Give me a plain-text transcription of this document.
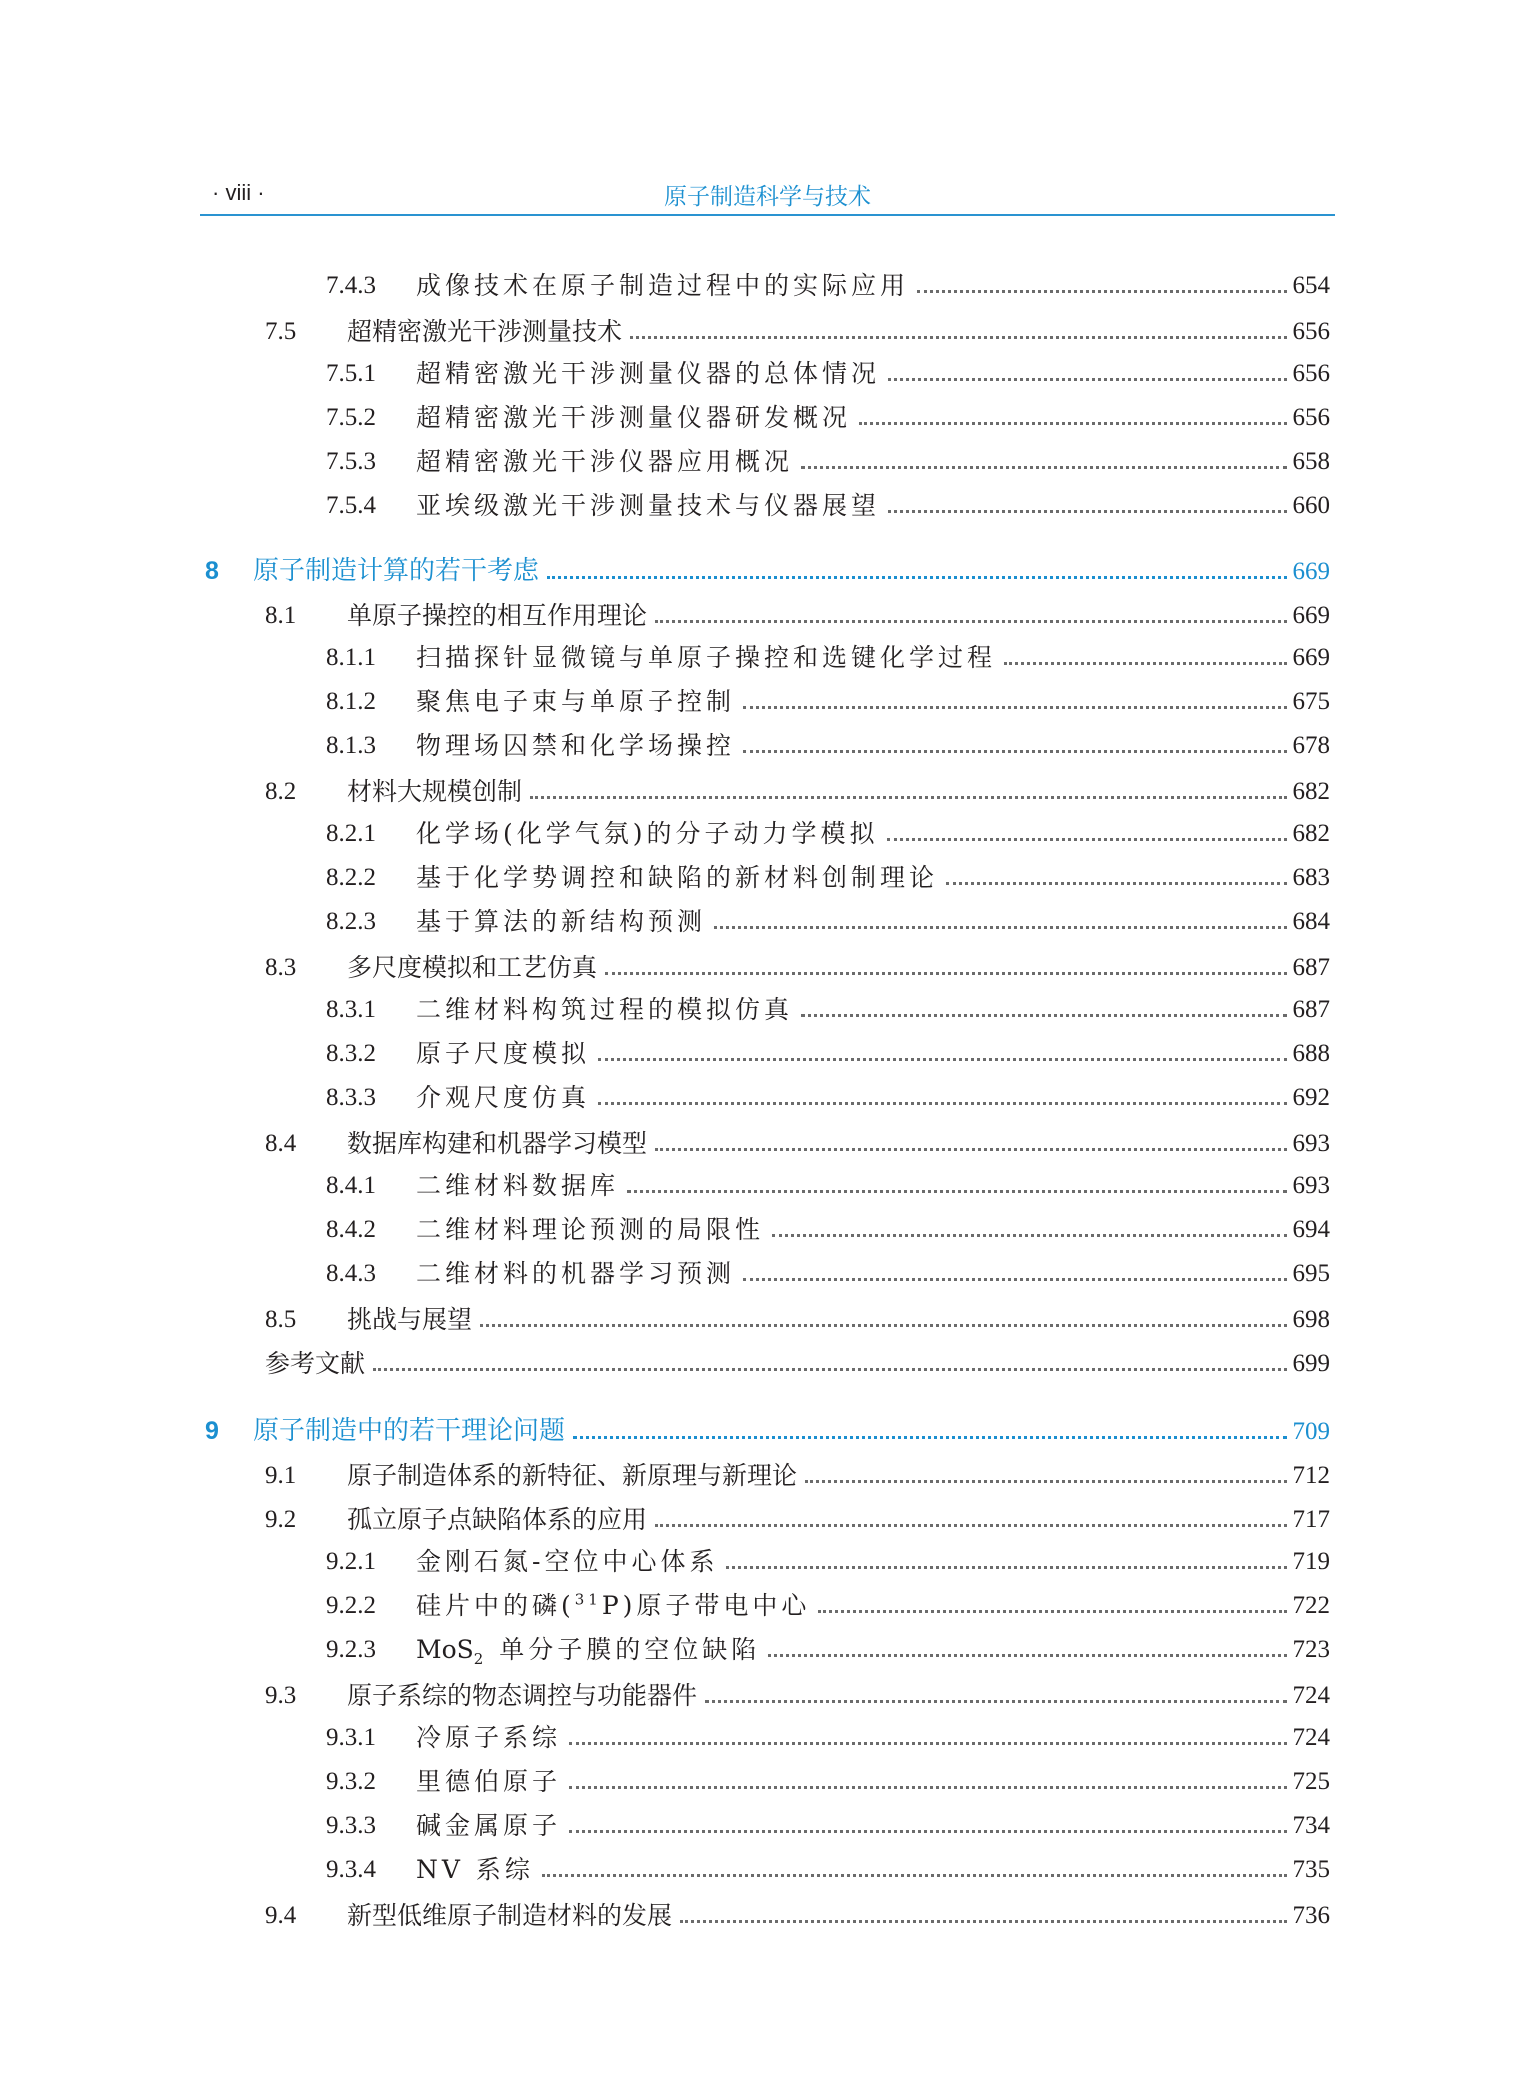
· viii ·	原子制造科学与技术
7.4.3	成像技术在原子制造过程中的实际应用	654
7.5	超精密激光干涉测量技术	656
7.5.1	超精密激光干涉测量仪器的总体情况	656
7.5.2	超精密激光干涉测量仪器研发概况	656
7.5.3	超精密激光干涉仪器应用概况	658
7.5.4	亚埃级激光干涉测量技术与仪器展望	660
8	原子制造计算的若干考虑	669
8.1	单原子操控的相互作用理论	669
8.1.1	扫描探针显微镜与单原子操控和选键化学过程	669
8.1.2	聚焦电子束与单原子控制	675
8.1.3	物理场囚禁和化学场操控	678
8.2	材料大规模创制	682
8.2.1	化学场(化学气氛)的分子动力学模拟	682
8.2.2	基于化学势调控和缺陷的新材料创制理论	683
8.2.3	基于算法的新结构预测	684
8.3	多尺度模拟和工艺仿真	687
8.3.1	二维材料构筑过程的模拟仿真	687
8.3.2	原子尺度模拟	688
8.3.3	介观尺度仿真	692
8.4	数据库构建和机器学习模型	693
8.4.1	二维材料数据库	693
8.4.2	二维材料理论预测的局限性	694
8.4.3	二维材料的机器学习预测	695
8.5	挑战与展望	698
参考文献	699
9	原子制造中的若干理论问题	709
9.1	原子制造体系的新特征、新原理与新理论	712
9.2	孤立原子点缺陷体系的应用	717
9.2.1	金刚石氮-空位中心体系	719
9.2.2	硅片中的磷($^{31}$P)原子带电中心	722
9.2.3	MoS$_2$ 单分子膜的空位缺陷	723
9.3	原子系综的物态调控与功能器件	724
9.3.1	冷原子系综	724
9.3.2	里德伯原子	725
9.3.3	碱金属原子	734
9.3.4	NV 系综	735
9.4	新型低维原子制造材料的发展	736
